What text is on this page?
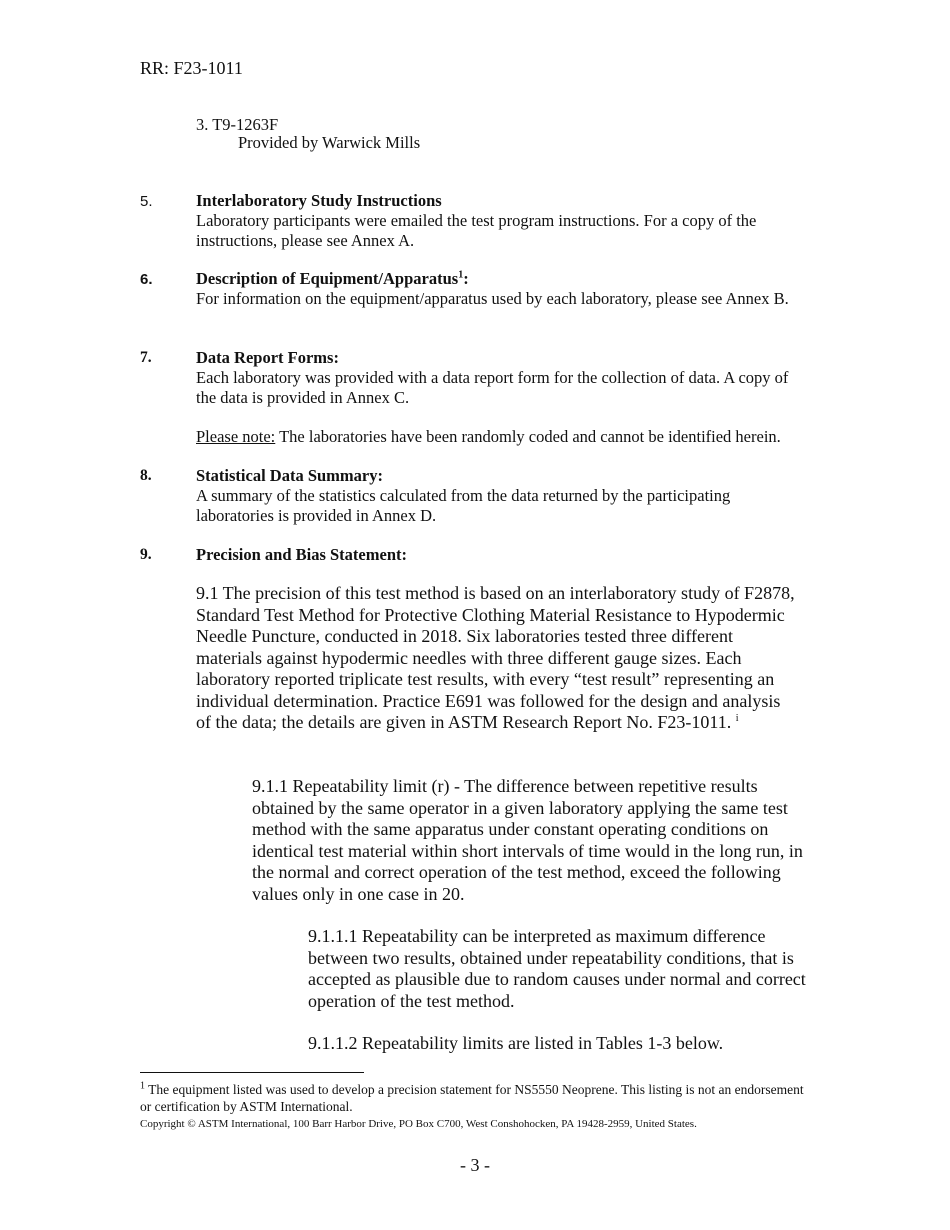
RR: F23-1011
3. T9-1263F
Provided by Warwick Mills
5.	Interlaboratory Study Instructions
Laboratory participants were emailed the test program instructions. For a copy of the instructions, please see Annex A.
6.	Description of Equipment/Apparatus$^1$:
For information on the equipment/apparatus used by each laboratory, please see Annex B.
7.	Data Report Forms:
Each laboratory was provided with a data report form for the collection of data. A copy of the data is provided in Annex C.
Please note: The laboratories have been randomly coded and cannot be identified herein.
8.	Statistical Data Summary:
A summary of the statistics calculated from the data returned by the participating laboratories is provided in Annex D.
9.	Precision and Bias Statement:
9.1 The precision of this test method is based on an interlaboratory study of F2878, Standard Test Method for Protective Clothing Material Resistance to Hypodermic Needle Puncture, conducted in 2018. Six laboratories tested three different materials against hypodermic needles with three different gauge sizes. Each laboratory reported triplicate test results, with every “test result” representing an individual determination. Practice E691 was followed for the design and analysis of the data; the details are given in ASTM Research Report No. F23-1011. $^i$
9.1.1 Repeatability limit (r) - The difference between repetitive results obtained by the same operator in a given laboratory applying the same test method with the same apparatus under constant operating conditions on identical test material within short intervals of time would in the long run, in the normal and correct operation of the test method, exceed the following values only in one case in 20.
9.1.1.1 Repeatability can be interpreted as maximum difference between two results, obtained under repeatability conditions, that is accepted as plausible due to random causes under normal and correct operation of the test method.
9.1.1.2 Repeatability limits are listed in Tables 1-3 below.
$^1$ The equipment listed was used to develop a precision statement for NS5550 Neoprene. This listing is not an endorsement or certification by ASTM International.
Copyright © ASTM International, 100 Barr Harbor Drive, PO Box C700, West Conshohocken, PA 19428-2959, United States.
- 3 -
